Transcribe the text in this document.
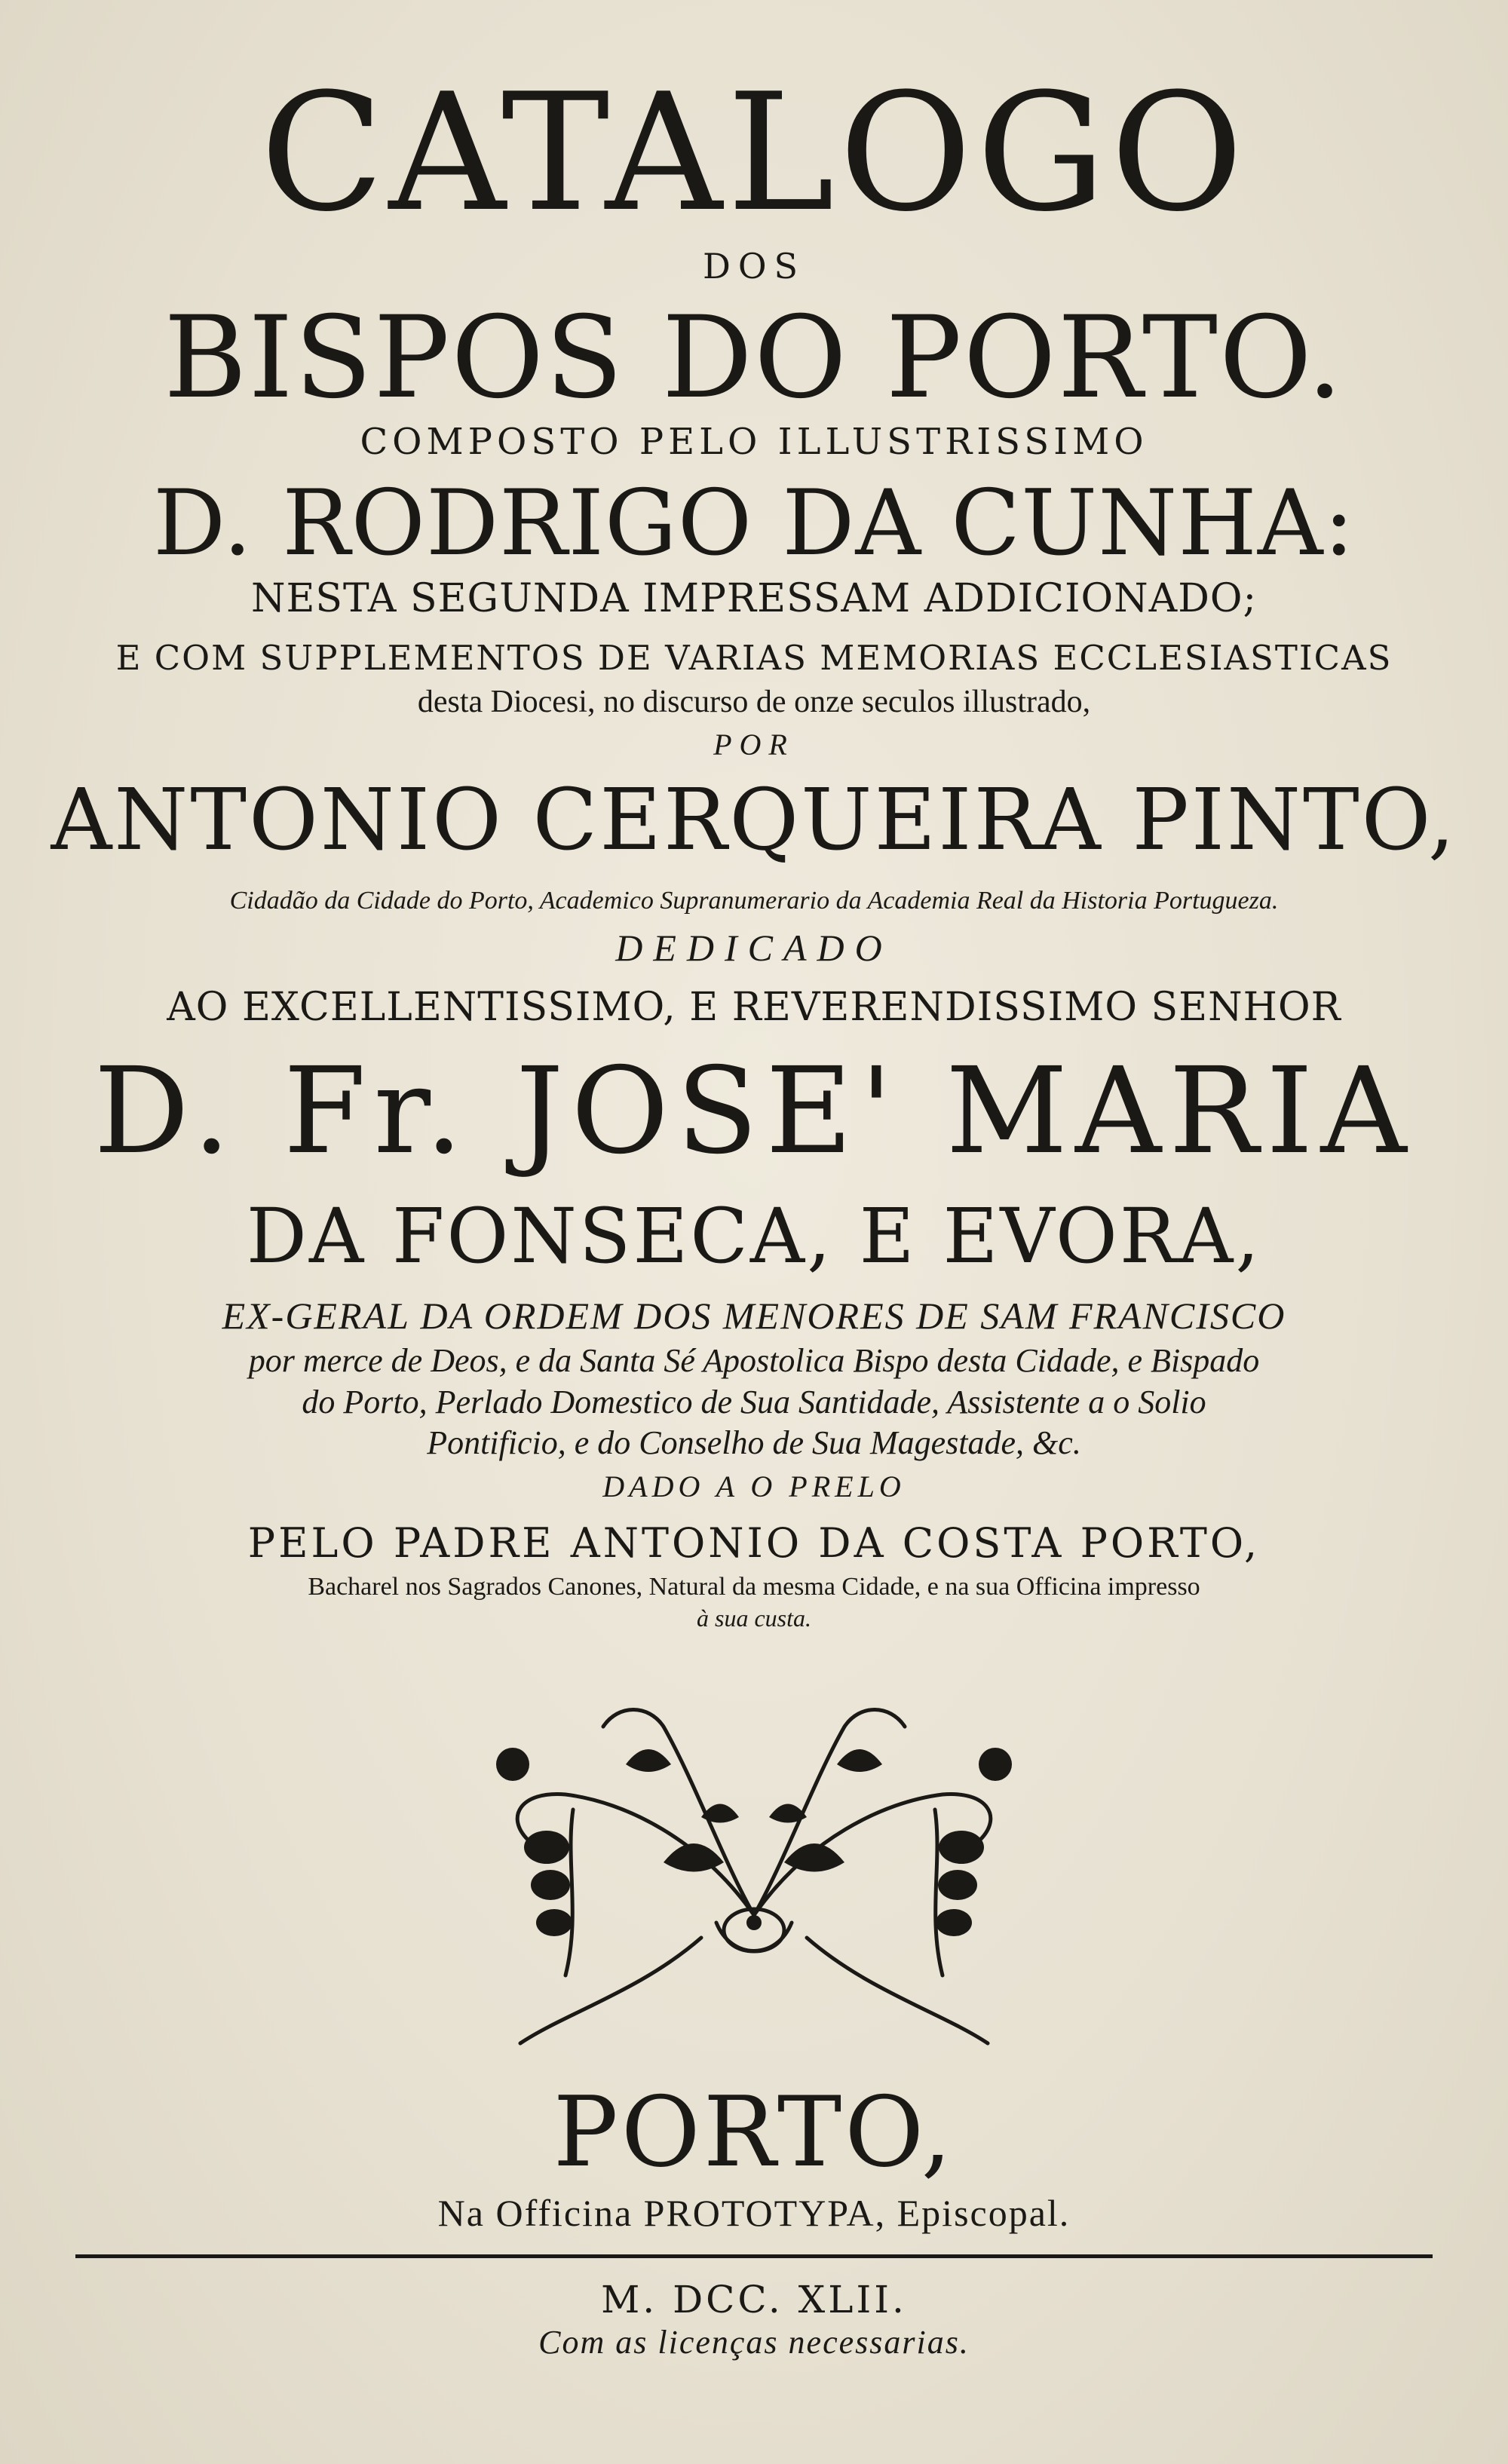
CATALOGO
DOS
BISPOS DO PORTO.
COMPOSTO PELO ILLUSTRISSIMO
D. RODRIGO DA CUNHA:
NESTA SEGUNDA IMPRESSAM ADDICIONADO;
E COM SUPPLEMENTOS DE VARIAS MEMORIAS ECCLESIASTICAS
desta Diocesi, no discurso de onze seculos illustrado,
POR
ANTONIO CERQUEIRA PINTO,
Cidadão da Cidade do Porto, Academico Supranumerario da Academia Real da Historia Portugueza.
DEDICADO
AO EXCELLENTISSIMO, E REVERENDISSIMO SENHOR
D. Fr. JOSE' MARIA
DA FONSECA, E EVORA,
EX-GERAL DA ORDEM DOS MENORES DE SAM FRANCISCO
por merce de Deos, e da Santa Sé Apostolica Bispo desta Cidade, e Bispado
do Porto, Perlado Domestico de Sua Santidade, Assistente a o Solio
Pontificio, e do Conselho de Sua Magestade, &c.
DADO A O PRELO
PELO PADRE ANTONIO DA COSTA PORTO,
Bacharel nos Sagrados Canones, Natural da mesma Cidade, e na sua Officina impresso
à sua custa.
PORTO,
Na Officina PROTOTYPA, Episcopal.
M. DCC. XLII.
Com as licenças necessarias.
